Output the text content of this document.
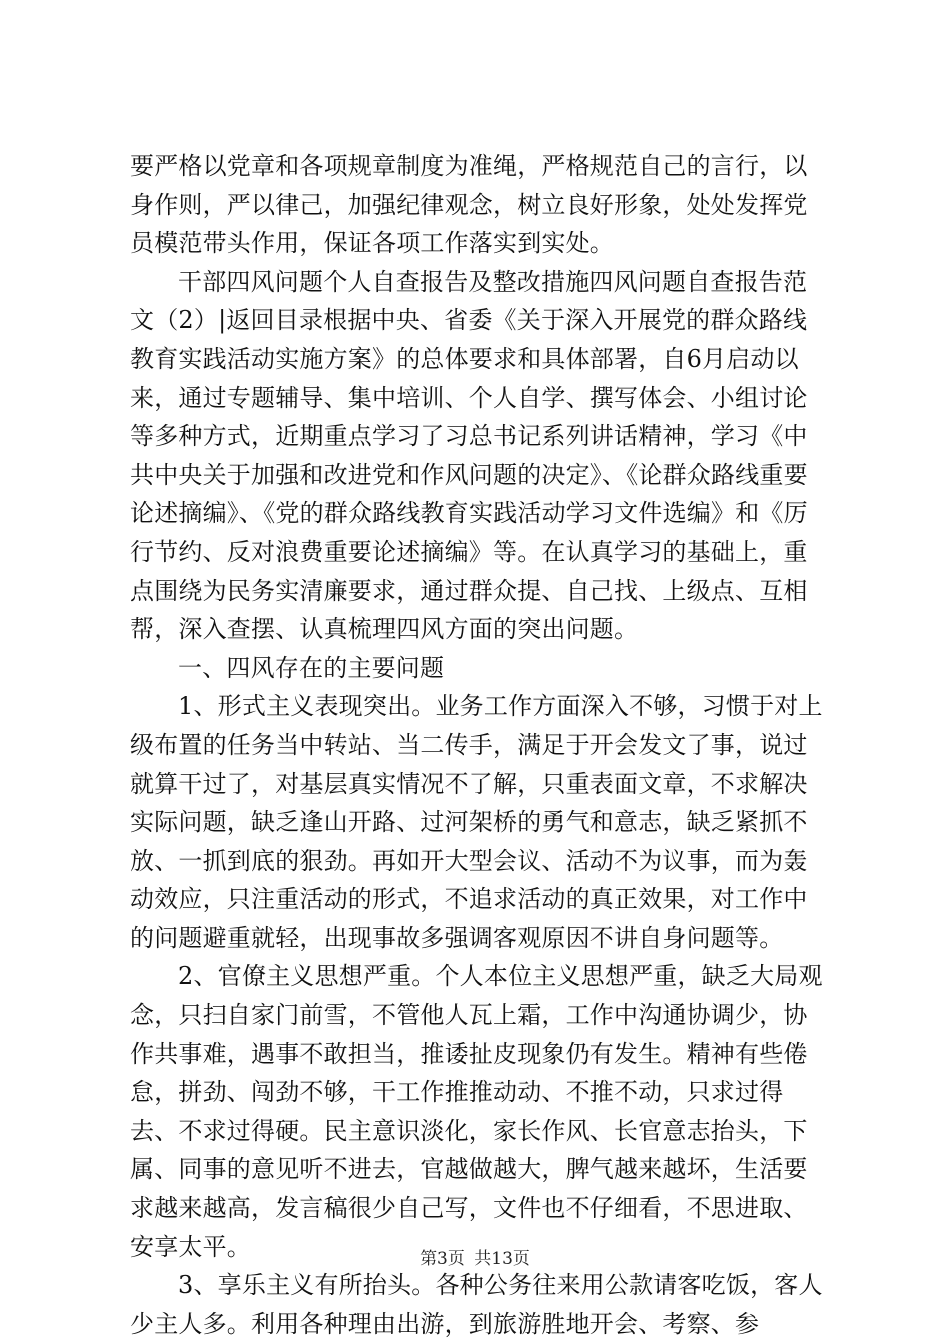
要严格以党章和各项规章制度为准绳，严格规范自己的言行，以身作则，严以律己，加强纪律观念，树立良好形象，处处发挥党员模范带头作用，保证各项工作落实到实处。

干部四风问题个人自查报告及整改措施四风问题自查报告范文（2）|返回目录根据中央、省委《关于深入开展党的群众路线教育实践活动实施方案》的总体要求和具体部署，自6月启动以来，通过专题辅导、集中培训、个人自学、撰写体会、小组讨论等多种方式，近期重点学习了习总书记系列讲话精神，学习《中共中央关于加强和改进党和作风问题的决定》、《论群众路线重要论述摘编》、《党的群众路线教育实践活动学习文件选编》和《厉行节约、反对浪费重要论述摘编》等。在认真学习的基础上，重点围绕为民务实清廉要求，通过群众提、自己找、上级点、互相帮，深入查摆、认真梳理四风方面的突出问题。

一、四风存在的主要问题

1、形式主义表现突出。业务工作方面深入不够，习惯于对上级布置的任务当中转站、当二传手，满足于开会发文了事，说过就算干过了，对基层真实情况不了解，只重表面文章，不求解决实际问题，缺乏逢山开路、过河架桥的勇气和意志，缺乏紧抓不放、一抓到底的狠劲。再如开大型会议、活动不为议事，而为轰动效应，只注重活动的形式，不追求活动的真正效果，对工作中的问题避重就轻，出现事故多强调客观原因不讲自身问题等。

2、官僚主义思想严重。个人本位主义思想严重，缺乏大局观念，只扫自家门前雪，不管他人瓦上霜，工作中沟通协调少，协作共事难，遇事不敢担当，推诿扯皮现象仍有发生。精神有些倦怠，拼劲、闯劲不够，干工作推推动动、不推不动，只求过得去、不求过得硬。民主意识淡化，家长作风、长官意志抬头，下属、同事的意见听不进去，官越做越大，脾气越来越坏，生活要求越来越高，发言稿很少自己写，文件也不仔细看，不思进取、安享太平。

3、享乐主义有所抬头。各种公务往来用公款请客吃饭，客人少主人多。利用各种理由出游，到旅游胜地开会、考察、参

第3页 共13页
